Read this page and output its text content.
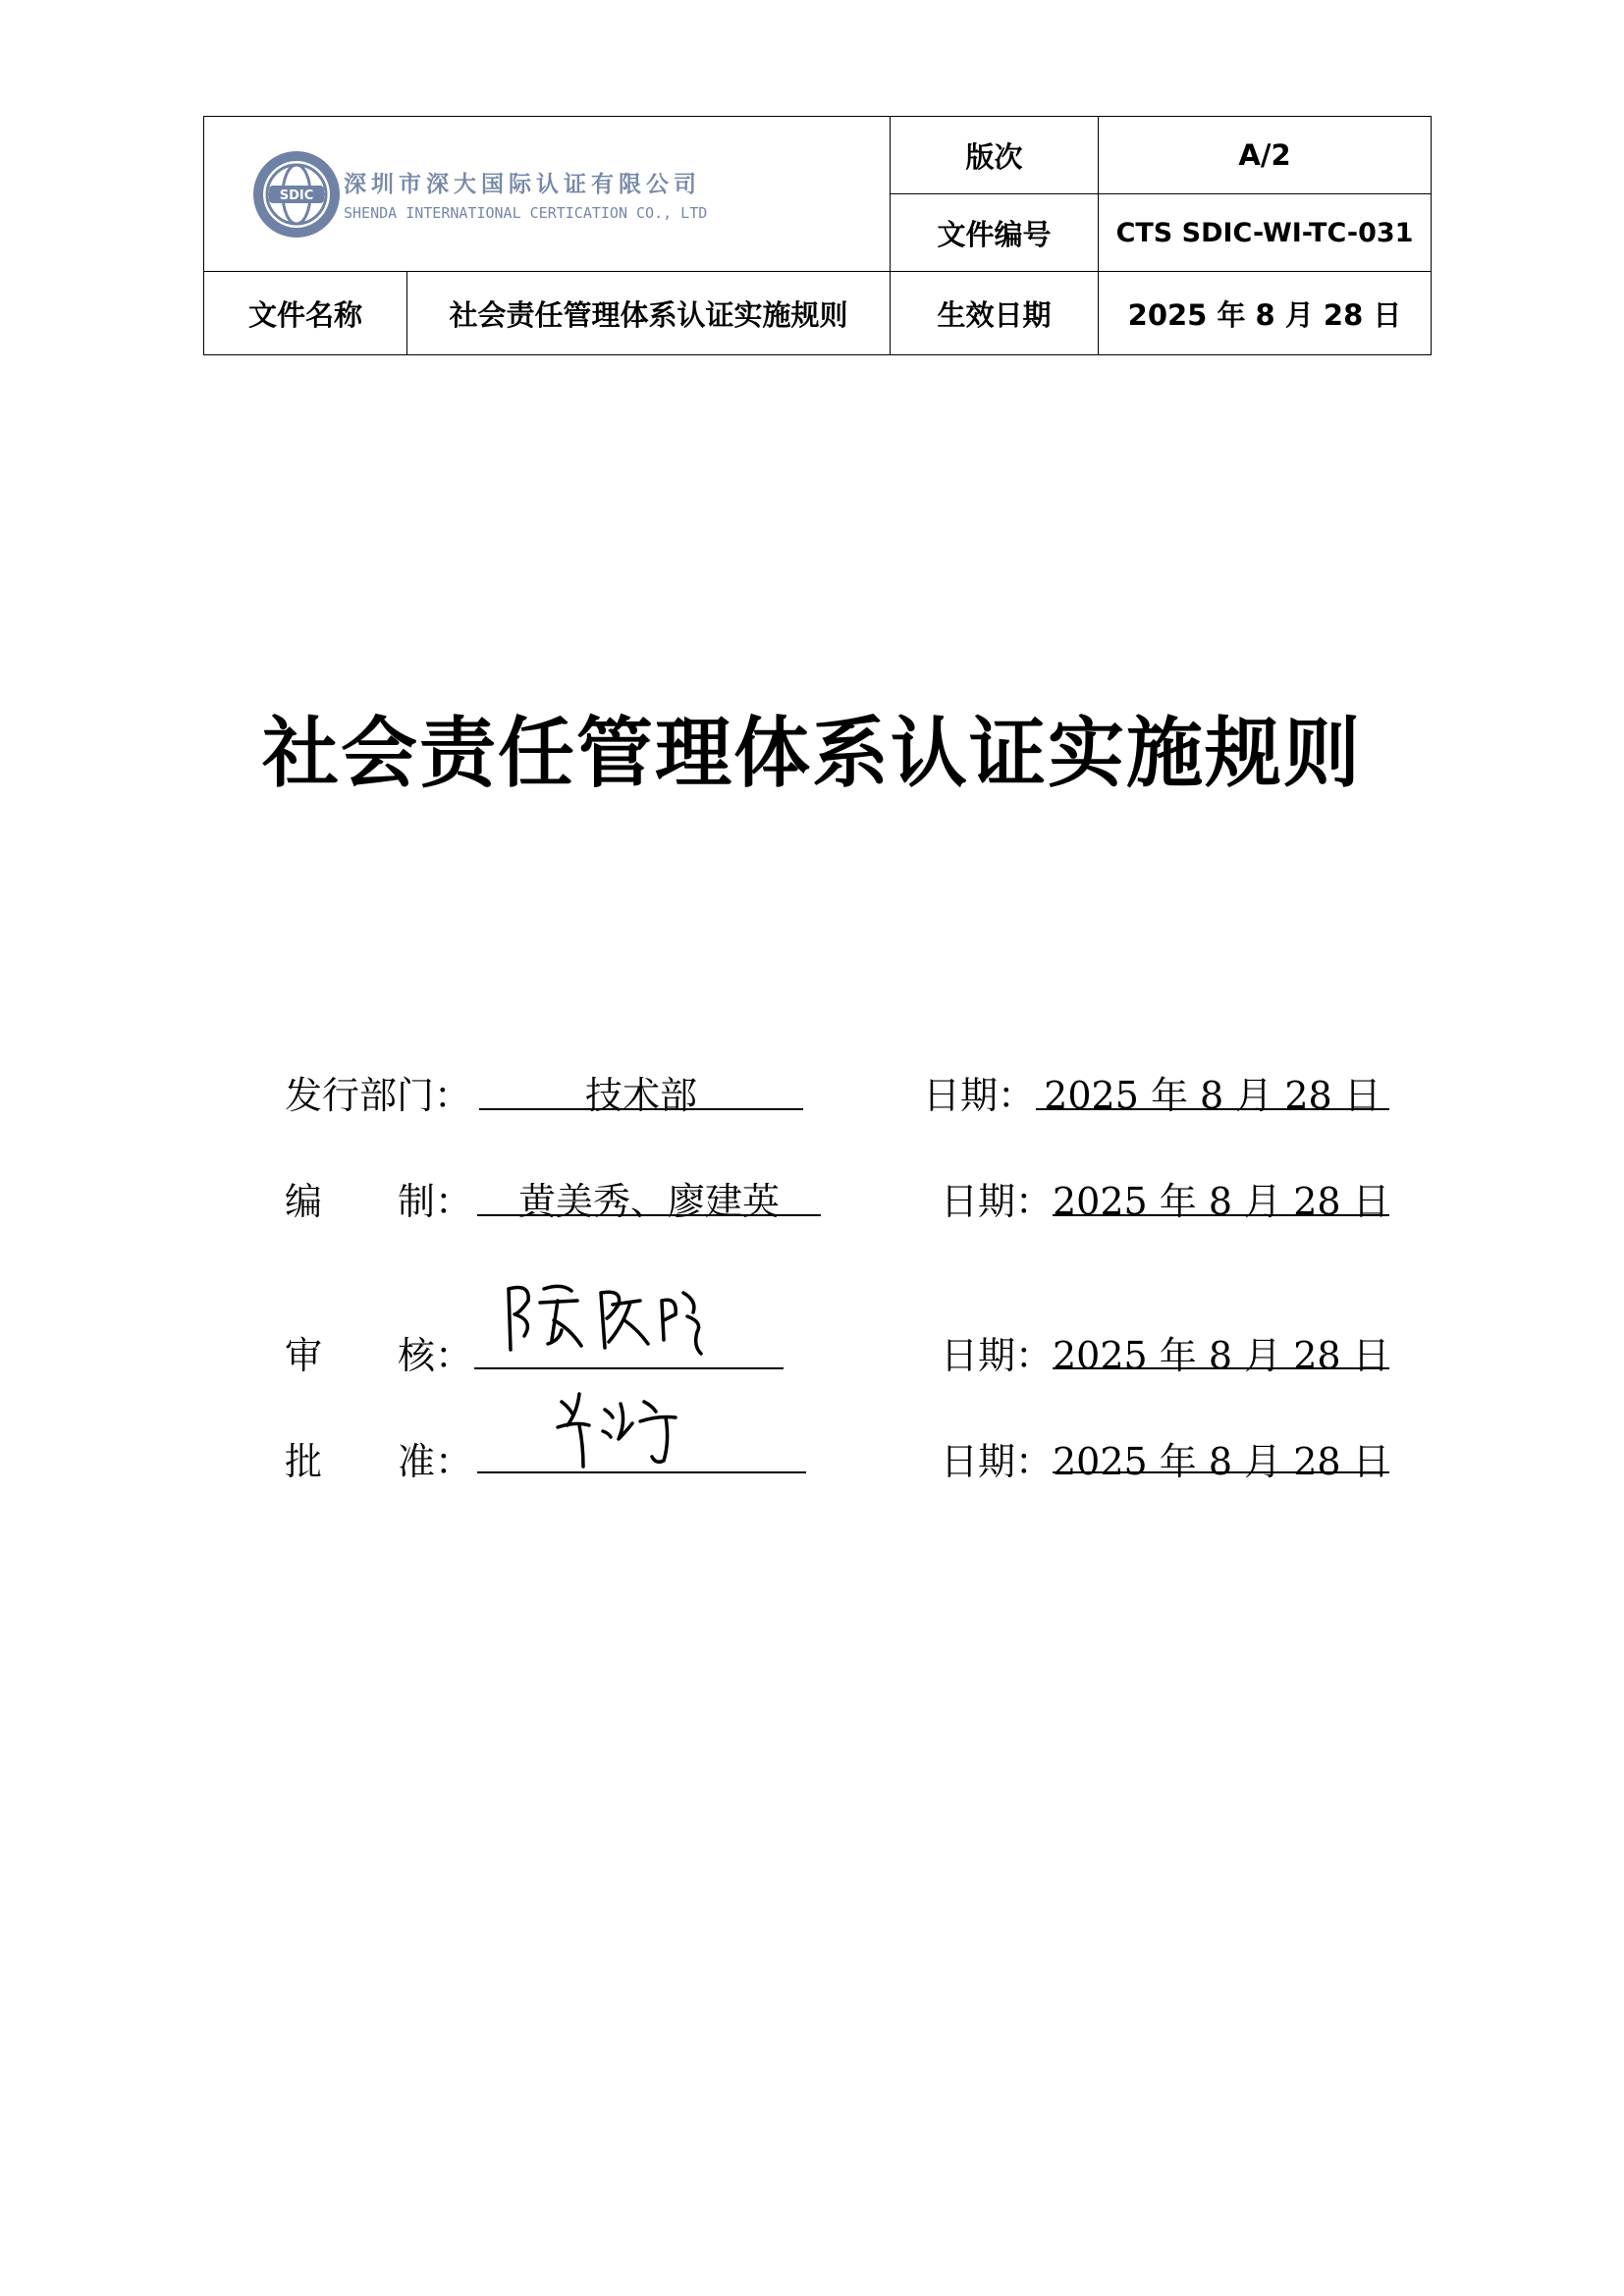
SDIC 深圳市深大国际认证有限公司
SHENDA INTERNATIONAL CERTICATION CO., LTD		版次	A/2
		文件编号	CTS SDIC-WI-TC-031
文件名称	社会责任管理体系认证实施规则	生效日期	2025 年 8 月 28 日
社会责任管理体系认证实施规则
发行部门：	技术部	日期： 2025 年 8 月 28 日
编 制：	黄美秀、廖建英	日期： 2025 年 8 月 28 日
审 核：	日期： 2025 年 8 月 28 日
批 准：	日期： 2025 年 8 月 28 日
